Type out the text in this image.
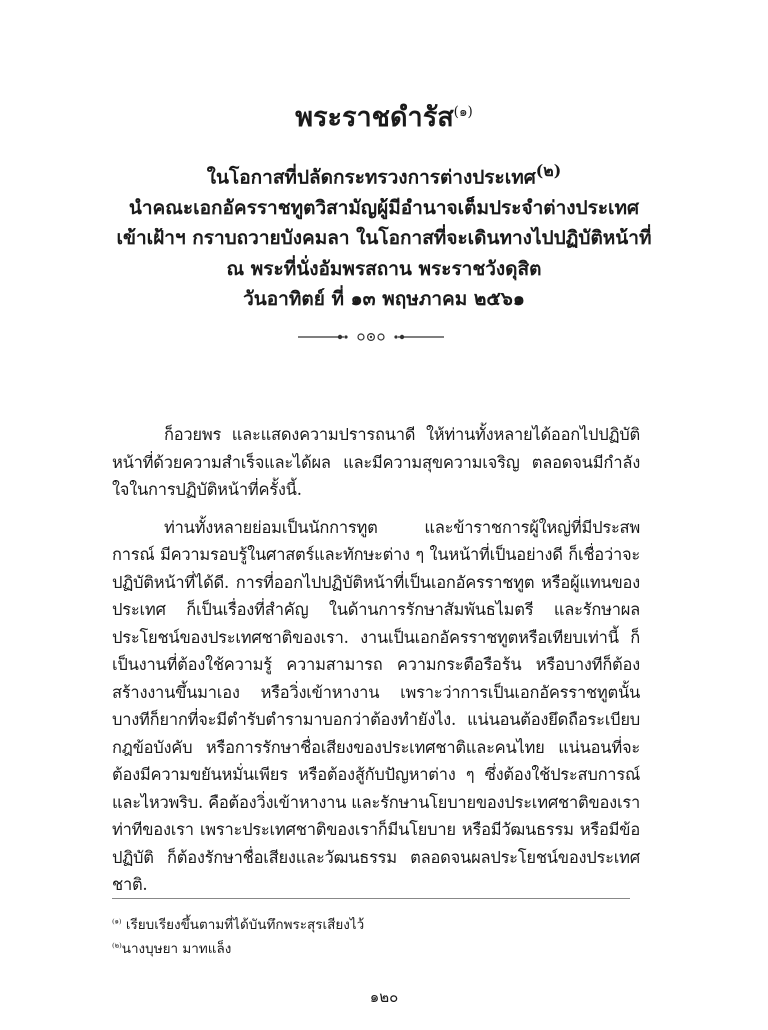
พระราชดำรัส$^{(๑)}$
ในโอกาสที่ปลัดกระทรวงการต่างประเทศ$^{(๒)}$
นำคณะเอกอัครราชทูตวิสามัญผู้มีอำนาจเต็มประจำต่างประเทศ
เข้าเฝ้าฯ กราบถวายบังคมลา ในโอกาสที่จะเดินทางไปปฏิบัติหน้าที่
ณ พระที่นั่งอัมพรสถาน พระราชวังดุสิต
วันอาทิตย์ ที่ ๑๓ พฤษภาคม ๒๕๖๑

ก็อวยพร และแสดงความปรารถนาดี ให้ท่านทั้งหลายได้ออกไปปฏิบัติหน้าที่ด้วยความสำเร็จและได้ผล และมีความสุขความเจริญ ตลอดจนมีกำลังใจในการปฏิบัติหน้าที่ครั้งนี้.

ท่านทั้งหลายย่อมเป็นนักการทูต และข้าราชการผู้ใหญ่ที่มีประสพการณ์ มีความรอบรู้ในศาสตร์และทักษะต่าง ๆ ในหน้าที่เป็นอย่างดี ก็เชื่อว่าจะปฏิบัติหน้าที่ได้ดี. การที่ออกไปปฏิบัติหน้าที่เป็นเอกอัครราชทูต หรือผู้แทนของประเทศ ก็เป็นเรื่องที่สำคัญ ในด้านการรักษาสัมพันธไมตรี และรักษาผลประโยชน์ของประเทศชาติของเรา. งานเป็นเอกอัครราชทูตหรือเทียบเท่านี้ ก็เป็นงานที่ต้องใช้ความรู้ ความสามารถ ความกระตือรือร้น หรือบางทีก็ต้องสร้างงานขึ้นมาเอง หรือวิ่งเข้าหางาน เพราะว่าการเป็นเอกอัครราชทูตนั้น บางทีก็ยากที่จะมีตำรับตำรามาบอกว่าต้องทำยังไง. แน่นอนต้องยึดถือระเบียบกฎข้อบังคับ หรือการรักษาชื่อเสียงของประเทศชาติและคนไทย แน่นอนที่จะต้องมีความขยันหมั่นเพียร หรือต้องสู้กับปัญหาต่าง ๆ ซึ่งต้องใช้ประสบการณ์และไหวพริบ. คือต้องวิ่งเข้าหางาน และรักษานโยบายของประเทศชาติของเรา ท่าทีของเรา เพราะประเทศชาติของเราก็มีนโยบาย หรือมีวัฒนธรรม หรือมีข้อปฏิบัติ ก็ต้องรักษาชื่อเสียงและวัฒนธรรม ตลอดจนผลประโยชน์ของประเทศชาติ.

$^{(๑)}$ เรียบเรียงขึ้นตามที่ได้บันทึกพระสุรเสียงไว้
$^{(๒)}$นางบุษยา มาทแล็ง
๑๒๐
